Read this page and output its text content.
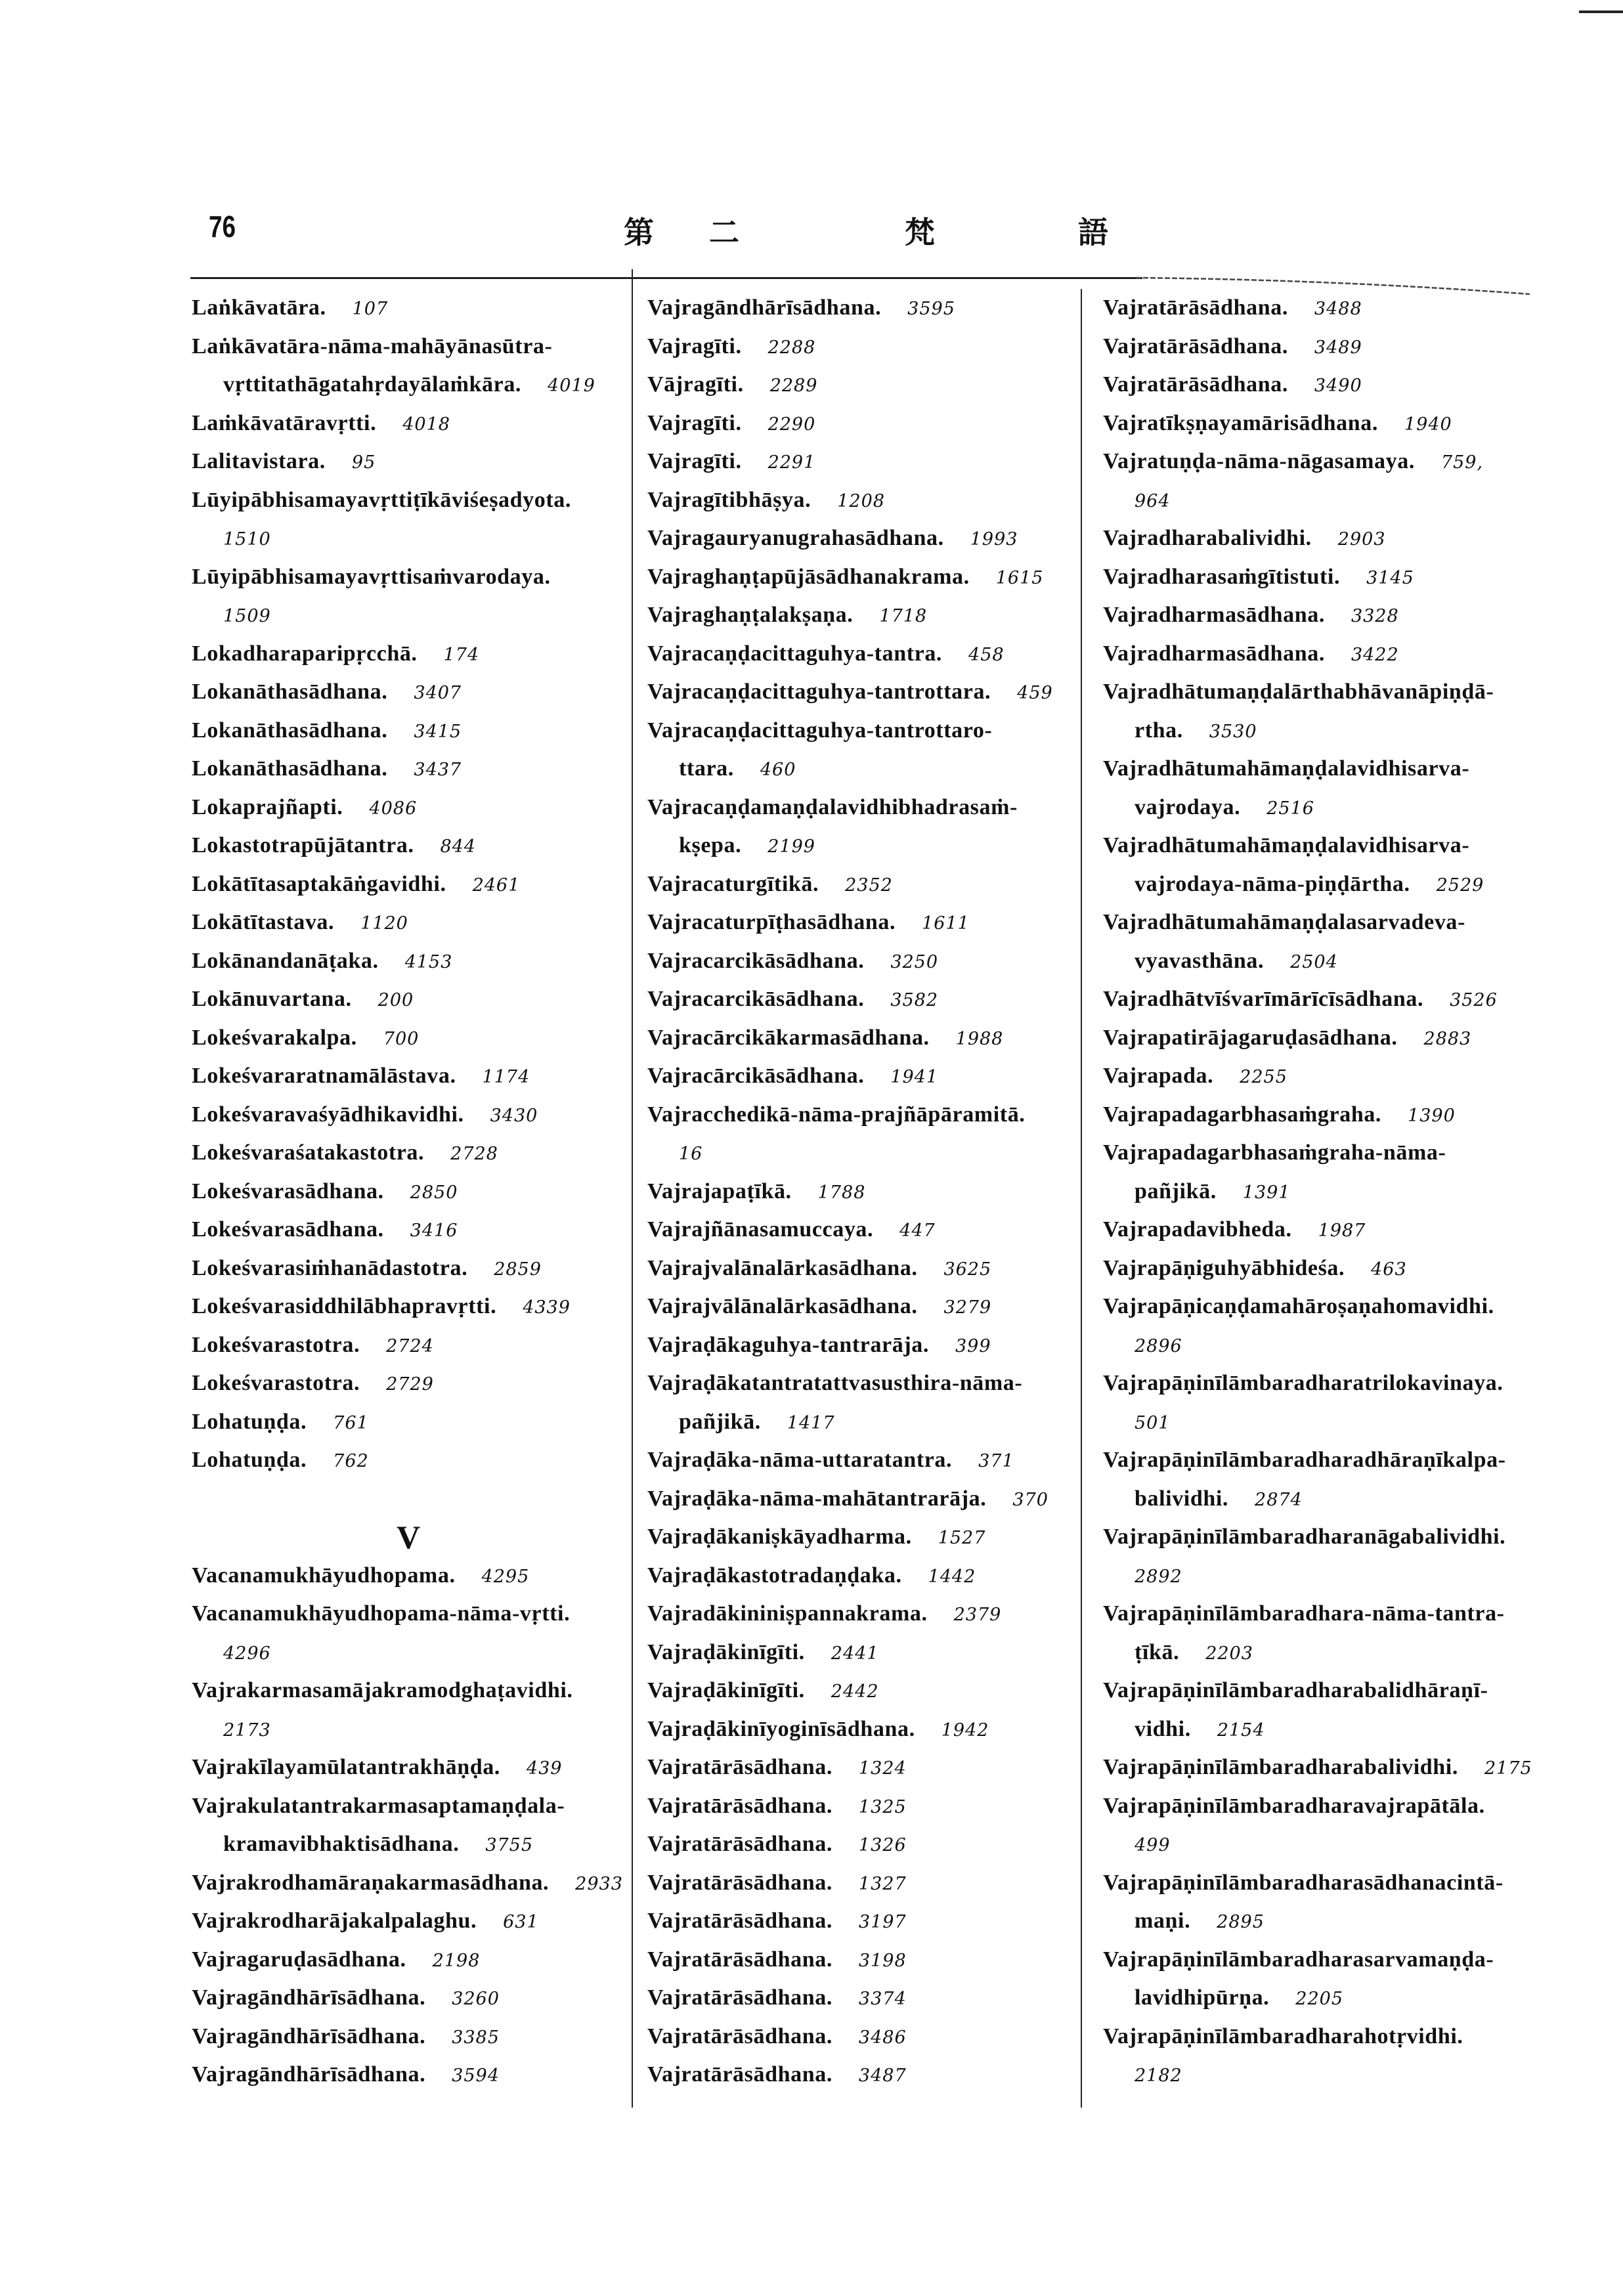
76	第 二	梵	語
Laṅkāvatāra. 107
Laṅkāvatāra-nāma-mahāyānasūtra-
vṛttitathāgatahṛdayālaṁkāra. 4019
Laṁkāvatāravṛtti. 4018
Lalitavistara. 95
Lūyipābhisamayavṛttiṭīkāviśeṣadyota.
1510
Lūyipābhisamayavṛttisaṁvarodaya.
1509
Lokadharaparipṛcchā. 174
Lokanāthasādhana. 3407
Lokanāthasādhana. 3415
Lokanāthasādhana. 3437
Lokaprajñapti. 4086
Lokastotrapūjātantra. 844
Lokātītasaptakāṅgavidhi. 2461
Lokātītastava. 1120
Lokānandanāṭaka. 4153
Lokānuvartana. 200
Lokeśvarakalpa. 700
Lokeśvararatnamālāstava. 1174
Lokeśvaravaśyādhikavidhi. 3430
Lokeśvaraśatakastotra. 2728
Lokeśvarasādhana. 2850
Lokeśvarasādhana. 3416
Lokeśvarasiṁhanādastotra. 2859
Lokeśvarasiddhilābhapravṛtti. 4339
Lokeśvarastotra. 2724
Lokeśvarastotra. 2729
Lohatuṇḍa. 761
Lohatuṇḍa. 762
V
Vacanamukhāyudhopama. 4295
Vacanamukhāyudhopama-nāma-vṛtti.
4296
Vajrakarmasamājakramodghaṭavidhi.
2173
Vajrakīlayamūlatantrakhāṇḍa. 439
Vajrakulatantrakarmasaptamaṇḍala-
kramavibhaktisādhana. 3755
Vajrakrodhamāraṇakarmasādhana. 2933
Vajrakrodharājakalpalaghu. 631
Vajragaruḍasādhana. 2198
Vajragāndhārīsādhana. 3260
Vajragāndhārīsādhana. 3385
Vajragāndhārīsādhana. 3594
Vajragāndhārīsādhana. 3595
Vajragīti. 2288
Vājragīti. 2289
Vajragīti. 2290
Vajragīti. 2291
Vajragītibhāṣya. 1208
Vajragauryanugrahasādhana. 1993
Vajraghaṇṭapūjāsādhanakrama. 1615
Vajraghaṇṭalakṣaṇa. 1718
Vajracaṇḍacittaguhya-tantra. 458
Vajracaṇḍacittaguhya-tantrottara. 459
Vajracaṇḍacittaguhya-tantrottaro-
ttara. 460
Vajracaṇḍamaṇḍalavidhibhadrasaṁ-
kṣepa. 2199
Vajracaturgītikā. 2352
Vajracaturpīṭhasādhana. 1611
Vajracarcikāsādhana. 3250
Vajracarcikāsādhana. 3582
Vajracārcikākarmasādhana. 1988
Vajracārcikāsādhana. 1941
Vajracchedikā-nāma-prajñāpāramitā.
16
Vajrajapaṭīkā. 1788
Vajrajñānasamuccaya. 447
Vajrajvalānalārkasādhana. 3625
Vajrajvālānalārkasādhana. 3279
Vajraḍākaguhya-tantrarāja. 399
Vajraḍākatantratattvasusthira-nāma-
pañjikā. 1417
Vajraḍāka-nāma-uttaratantra. 371
Vajraḍāka-nāma-mahātantrarāja. 370
Vajraḍākaniṣkāyadharma. 1527
Vajraḍākastotradaṇḍaka. 1442
Vajradākininiṣpannakrama. 2379
Vajraḍākinīgīti. 2441
Vajraḍākinīgīti. 2442
Vajraḍākinīyoginīsādhana. 1942
Vajratārāsādhana. 1324
Vajratārāsādhana. 1325
Vajratārāsādhana. 1326
Vajratārāsādhana. 1327
Vajratārāsādhana. 3197
Vajratārāsādhana. 3198
Vajratārāsādhana. 3374
Vajratārāsādhana. 3486
Vajratārāsādhana. 3487
Vajratārāsādhana. 3488
Vajratārāsādhana. 3489
Vajratārāsādhana. 3490
Vajratīkṣṇayamārisādhana. 1940
Vajratuṇḍa-nāma-nāgasamaya. 759,
964
Vajradharabalividhi. 2903
Vajradharasaṁgītistuti. 3145
Vajradharmasādhana. 3328
Vajradharmasādhana. 3422
Vajradhātumaṇḍalārthabhāvanāpiṇḍā-
rtha. 3530
Vajradhātumahāmaṇḍalavidhisarva-
vajrodaya. 2516
Vajradhātumahāmaṇḍalavidhisarva-
vajrodaya-nāma-piṇḍārtha. 2529
Vajradhātumahāmaṇḍalasarvadeva-
vyavasthāna. 2504
Vajradhātvīśvarīmārīcīsādhana. 3526
Vajrapatirājagaruḍasādhana. 2883
Vajrapada. 2255
Vajrapadagarbhasaṁgraha. 1390
Vajrapadagarbhasaṁgraha-nāma-
pañjikā. 1391
Vajrapadavibheda. 1987
Vajrapāṇiguhyābhideśa. 463
Vajrapāṇicaṇḍamahāroṣaṇahomavidhi.
2896
Vajrapāṇinīlāmbaradharatrilokavinaya.
501
Vajrapāṇinīlāmbaradharadhāraṇīkalpa-
balividhi. 2874
Vajrapāṇinīlāmbaradharanāgabalividhi.
2892
Vajrapāṇinīlāmbaradhara-nāma-tantra-
ṭīkā. 2203
Vajrapāṇinīlāmbaradharabalidhāraṇī-
vidhi. 2154
Vajrapāṇinīlāmbaradharabalividhi. 2175
Vajrapāṇinīlāmbaradharavajrapātāla.
499
Vajrapāṇinīlāmbaradharasādhanacintā-
maṇi. 2895
Vajrapāṇinīlāmbaradharasarvamaṇḍa-
lavidhipūrṇa. 2205
Vajrapāṇinīlāmbaradharahotṛvidhi.
2182
